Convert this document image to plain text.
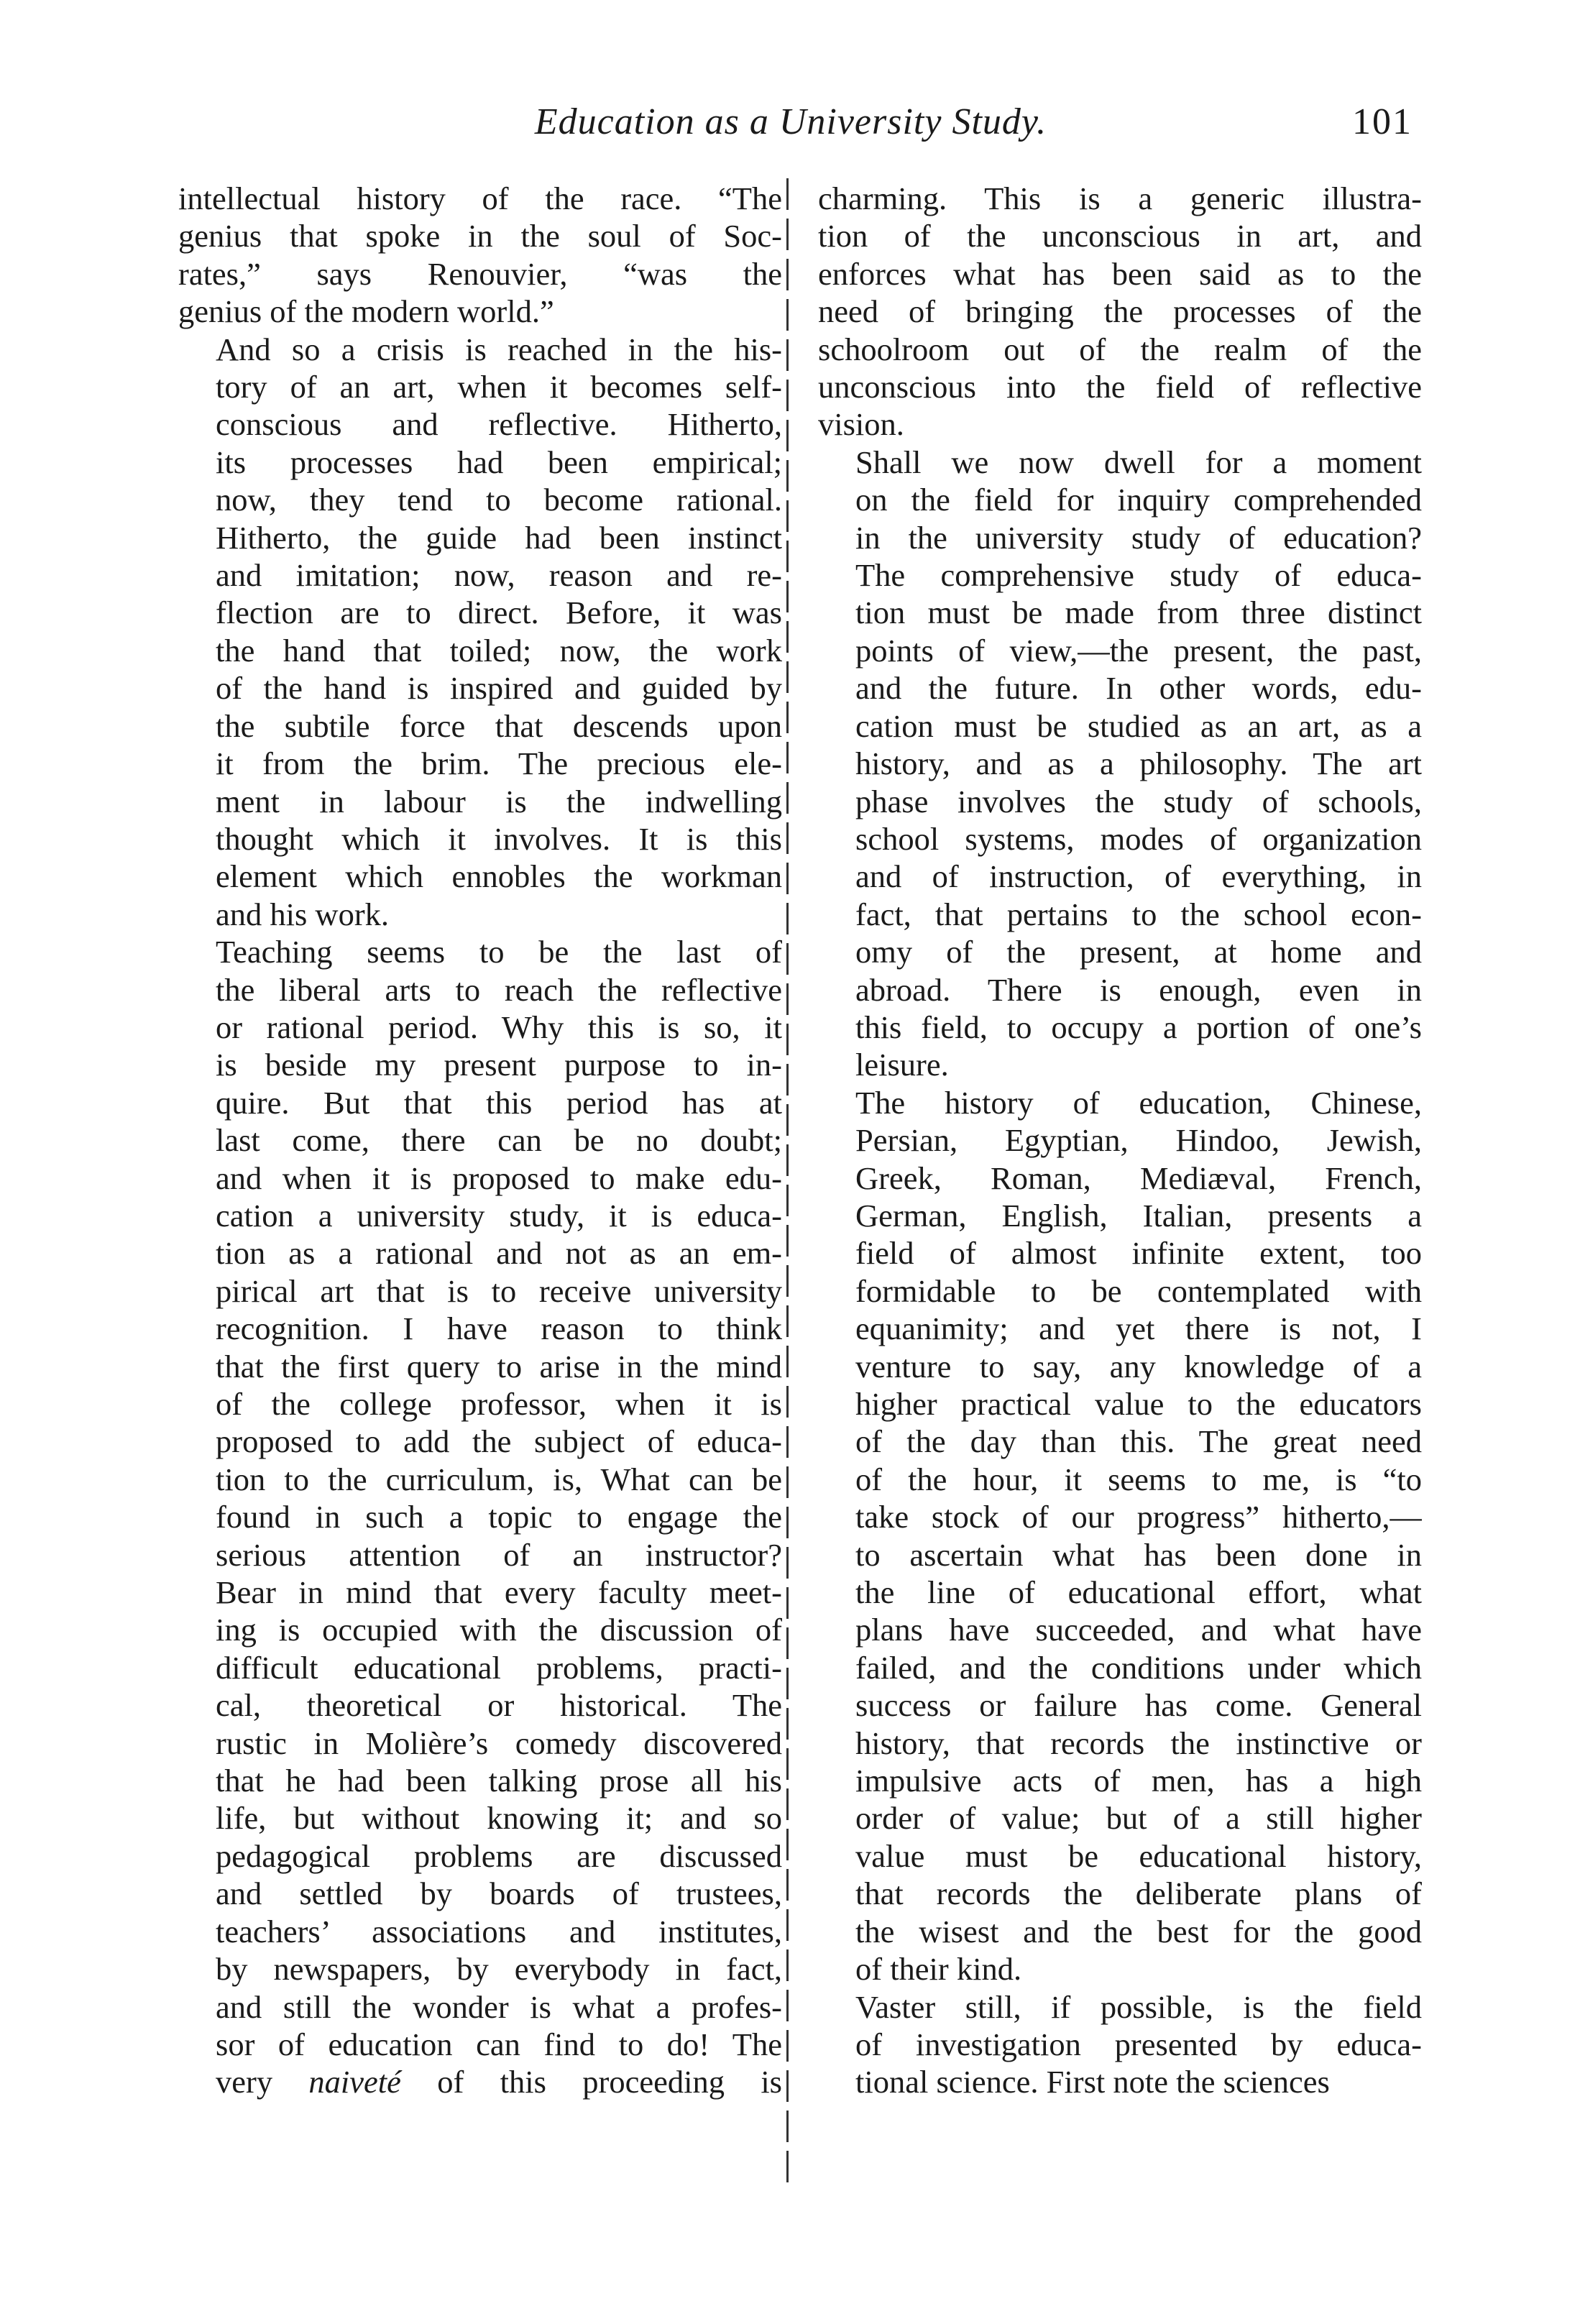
Education as a University Study.	101

intellectual history of the race. “The
genius that spoke in the soul of Soc-
rates,” says Renouvier, “was the
genius of the modern world.”

And so a crisis is reached in the his-
tory of an art, when it becomes self-
conscious and reflective. Hitherto,
its processes had been empirical;
now, they tend to become rational.
Hitherto, the guide had been instinct
and imitation; now, reason and re-
flection are to direct. Before, it was
the hand that toiled; now, the work
of the hand is inspired and guided by
the subtile force that descends upon
it from the brim. The precious ele-
ment in labour is the indwelling
thought which it involves. It is this
element which ennobles the workman
and his work.

Teaching seems to be the last of
the liberal arts to reach the reflective
or rational period. Why this is so, it
is beside my present purpose to in-
quire. But that this period has at
last come, there can be no doubt;
and when it is proposed to make edu-
cation a university study, it is educa-
tion as a rational and not as an em-
pirical art that is to receive university
recognition. I have reason to think
that the first query to arise in the mind
of the college professor, when it is
proposed to add the subject of educa-
tion to the curriculum, is, What can be
found in such a topic to engage the
serious attention of an instructor?
Bear in mind that every faculty meet-
ing is occupied with the discussion of
difficult educational problems, practi-
cal, theoretical or historical. The
rustic in Molière’s comedy discovered
that he had been talking prose all his
life, but without knowing it; and so
pedagogical problems are discussed
and settled by boards of trustees,
teachers’ associations and institutes,
by newspapers, by everybody in fact,
and still the wonder is what a profes-
sor of education can find to do! The
very naiveté of this proceeding is

charming. This is a generic illustra-
tion of the unconscious in art, and
enforces what has been said as to the
need of bringing the processes of the
schoolroom out of the realm of the
unconscious into the field of reflective
vision.

Shall we now dwell for a moment
on the field for inquiry comprehended
in the university study of education?
The comprehensive study of educa-
tion must be made from three distinct
points of view,—the present, the past,
and the future. In other words, edu-
cation must be studied as an art, as a
history, and as a philosophy. The art
phase involves the study of schools,
school systems, modes of organization
and of instruction, of everything, in
fact, that pertains to the school econ-
omy of the present, at home and
abroad. There is enough, even in
this field, to occupy a portion of one’s
leisure.

The history of education, Chinese,
Persian, Egyptian, Hindoo, Jewish,
Greek, Roman, Mediæval, French,
German, English, Italian, presents a
field of almost infinite extent, too
formidable to be contemplated with
equanimity; and yet there is not, I
venture to say, any knowledge of a
higher practical value to the educators
of the day than this. The great need
of the hour, it seems to me, is “to
take stock of our progress” hitherto,—
to ascertain what has been done in
the line of educational effort, what
plans have succeeded, and what have
failed, and the conditions under which
success or failure has come. General
history, that records the instinctive or
impulsive acts of men, has a high
order of value; but of a still higher
value must be educational history,
that records the deliberate plans of
the wisest and the best for the good
of their kind.

Vaster still, if possible, is the field
of investigation presented by educa-
tional science. First note the sciences
